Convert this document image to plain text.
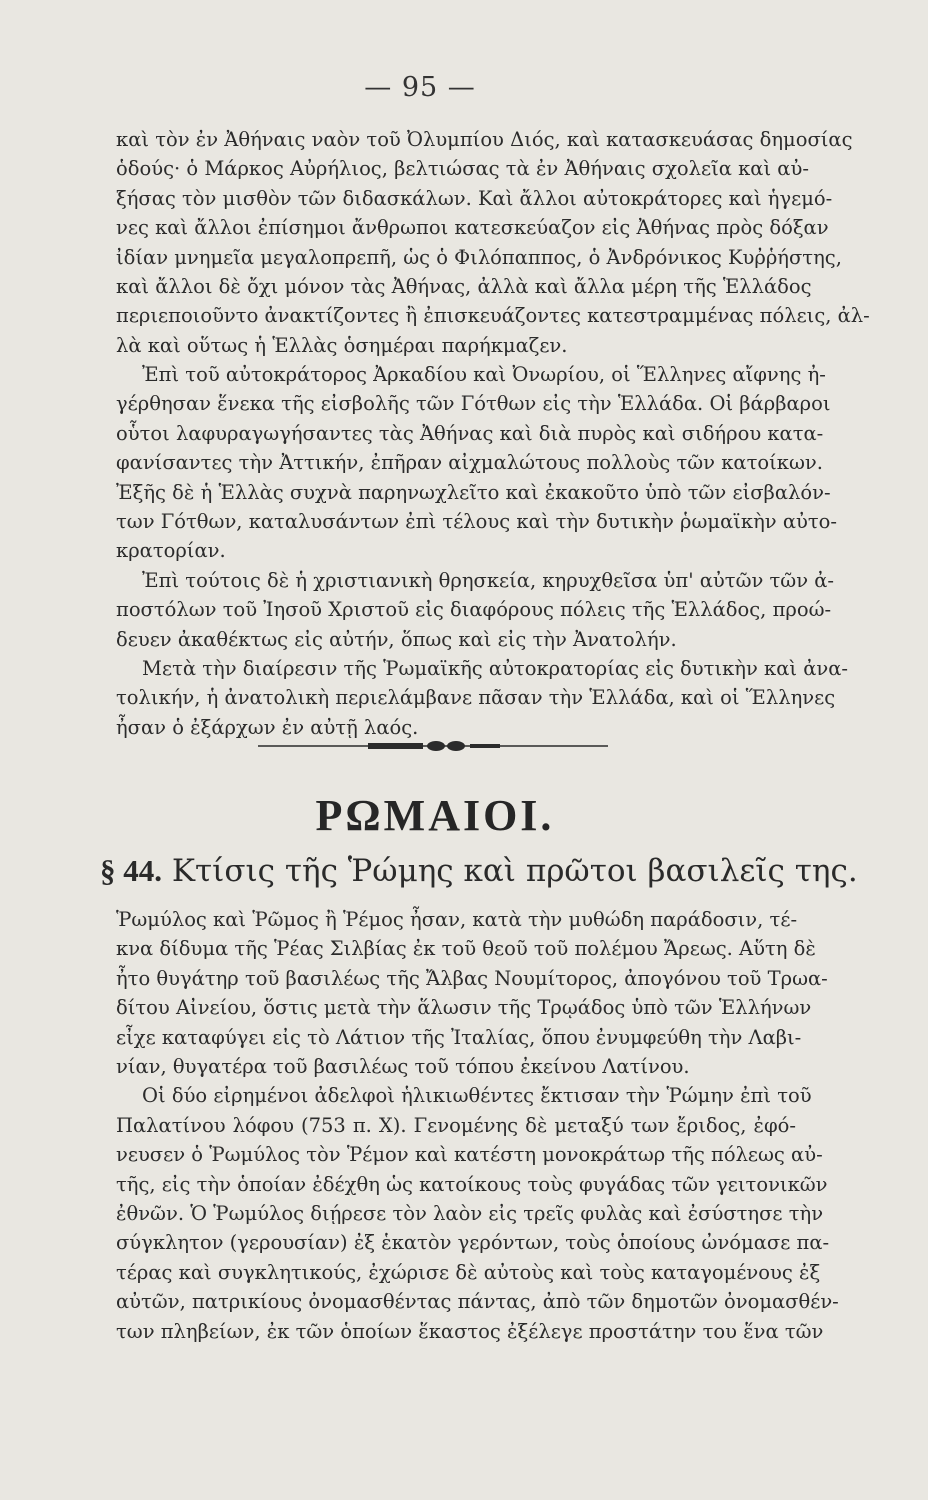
— 95 —
καὶ τὸν ἐν Ἀθήναις ναὸν τοῦ Ὀλυμπίου Διός, καὶ κατασκευάσας δημοσίας
ὁδούς· ὁ Μάρκος Αὐρήλιος, βελτιώσας τὰ ἐν Ἀθήναις σχολεῖα καὶ αὐ-
ξήσας τὸν μισθὸν τῶν διδασκάλων. Καὶ ἄλλοι αὐτοκράτορες καὶ ἡγεμό-
νες καὶ ἄλλοι ἐπίσημοι ἄνθρωποι κατεσκεύαζον εἰς Ἀθήνας πρὸς δόξαν
ἰδίαν μνημεῖα μεγαλοπρεπῆ, ὡς ὁ Φιλόπαππος, ὁ Ἀνδρόνικος Κυῤῥήστης,
καὶ ἄλλοι δὲ ὄχι μόνον τὰς Ἀθήνας, ἀλλὰ καὶ ἄλλα μέρη τῆς Ἑλλάδος
περιεποιοῦντο ἀνακτίζοντες ἢ ἐπισκευάζοντες κατεστραμμένας πόλεις, ἀλ-
λὰ καὶ οὕτως ἡ Ἑλλὰς ὁσημέραι παρήκμαζεν.
Ἐπὶ τοῦ αὐτοκράτορος Ἀρκαδίου καὶ Ὀνωρίου, οἱ Ἕλληνες αἴφνης ἠ-
γέρθησαν ἕνεκα τῆς εἰσβολῆς τῶν Γότθων εἰς τὴν Ἑλλάδα. Οἱ βάρβαροι
οὗτοι λαφυραγωγήσαντες τὰς Ἀθήνας καὶ διὰ πυρὸς καὶ σιδήρου κατα-
φανίσαντες τὴν Ἀττικήν, ἐπῆραν αἰχμαλώτους πολλοὺς τῶν κατοίκων.
Ἐξῆς δὲ ἡ Ἑλλὰς συχνὰ παρηνωχλεῖτο καὶ ἐκακοῦτο ὑπὸ τῶν εἰσβαλόν-
των Γότθων, καταλυσάντων ἐπὶ τέλους καὶ τὴν δυτικὴν ῥωμαϊκὴν αὐτο-
κρατορίαν.
Ἐπὶ τούτοις δὲ ἡ χριστιανικὴ θρησκεία, κηρυχθεῖσα ὑπ' αὐτῶν τῶν ἀ-
ποστόλων τοῦ Ἰησοῦ Χριστοῦ εἰς διαφόρους πόλεις τῆς Ἑλλάδος, προώ-
δευεν ἀκαθέκτως εἰς αὐτήν, ὅπως καὶ εἰς τὴν Ἀνατολήν.
Μετὰ τὴν διαίρεσιν τῆς Ῥωμαϊκῆς αὐτοκρατορίας εἰς δυτικὴν καὶ ἀνα-
τολικήν, ἡ ἀνατολικὴ περιελάμβανε πᾶσαν τὴν Ἑλλάδα, καὶ οἱ Ἕλληνες
ἦσαν ὁ ἐξάρχων ἐν αὐτῇ λαός.
ΡΩΜΑΙΟΙ.
§ 44. Κτίσις τῆς Ῥώμης καὶ πρῶτοι βασιλεῖς της.
Ῥωμύλος καὶ Ῥῶμος ἢ Ῥέμος ἦσαν, κατὰ τὴν μυθώδη παράδοσιν, τέ-
κνα δίδυμα τῆς Ῥέας Σιλβίας ἐκ τοῦ θεοῦ τοῦ πολέμου Ἄρεως. Αὕτη δὲ
ἦτο θυγάτηρ τοῦ βασιλέως τῆς Ἄλβας Νουμίτορος, ἀπογόνου τοῦ Τρωα-
δίτου Αἰνείου, ὅστις μετὰ τὴν ἅλωσιν τῆς Τρῳάδος ὑπὸ τῶν Ἑλλήνων
εἶχε καταφύγει εἰς τὸ Λάτιον τῆς Ἰταλίας, ὅπου ἐνυμφεύθη τὴν Λαβι-
νίαν, θυγατέρα τοῦ βασιλέως τοῦ τόπου ἐκείνου Λατίνου.
Οἱ δύο εἰρημένοι ἀδελφοὶ ἡλικιωθέντες ἔκτισαν τὴν Ῥώμην ἐπὶ τοῦ
Παλατίνου λόφου (753 π. Χ). Γενομένης δὲ μεταξύ των ἔριδος, ἐφό-
νευσεν ὁ Ῥωμύλος τὸν Ῥέμον καὶ κατέστη μονοκράτωρ τῆς πόλεως αὐ-
τῆς, εἰς τὴν ὁποίαν ἐδέχθη ὡς κατοίκους τοὺς φυγάδας τῶν γειτονικῶν
ἐθνῶν. Ὁ Ῥωμύλος διῄρεσε τὸν λαὸν εἰς τρεῖς φυλὰς καὶ ἐσύστησε τὴν
σύγκλητον (γερουσίαν) ἐξ ἑκατὸν γερόντων, τοὺς ὁποίους ὠνόμασε πα-
τέρας καὶ συγκλητικούς, ἐχώρισε δὲ αὐτοὺς καὶ τοὺς καταγομένους ἐξ
αὐτῶν, πατρικίους ὀνομασθέντας πάντας, ἀπὸ τῶν δημοτῶν ὀνομασθέν-
των πληβείων, ἐκ τῶν ὁποίων ἕκαστος ἐξέλεγε προστάτην του ἕνα τῶν
